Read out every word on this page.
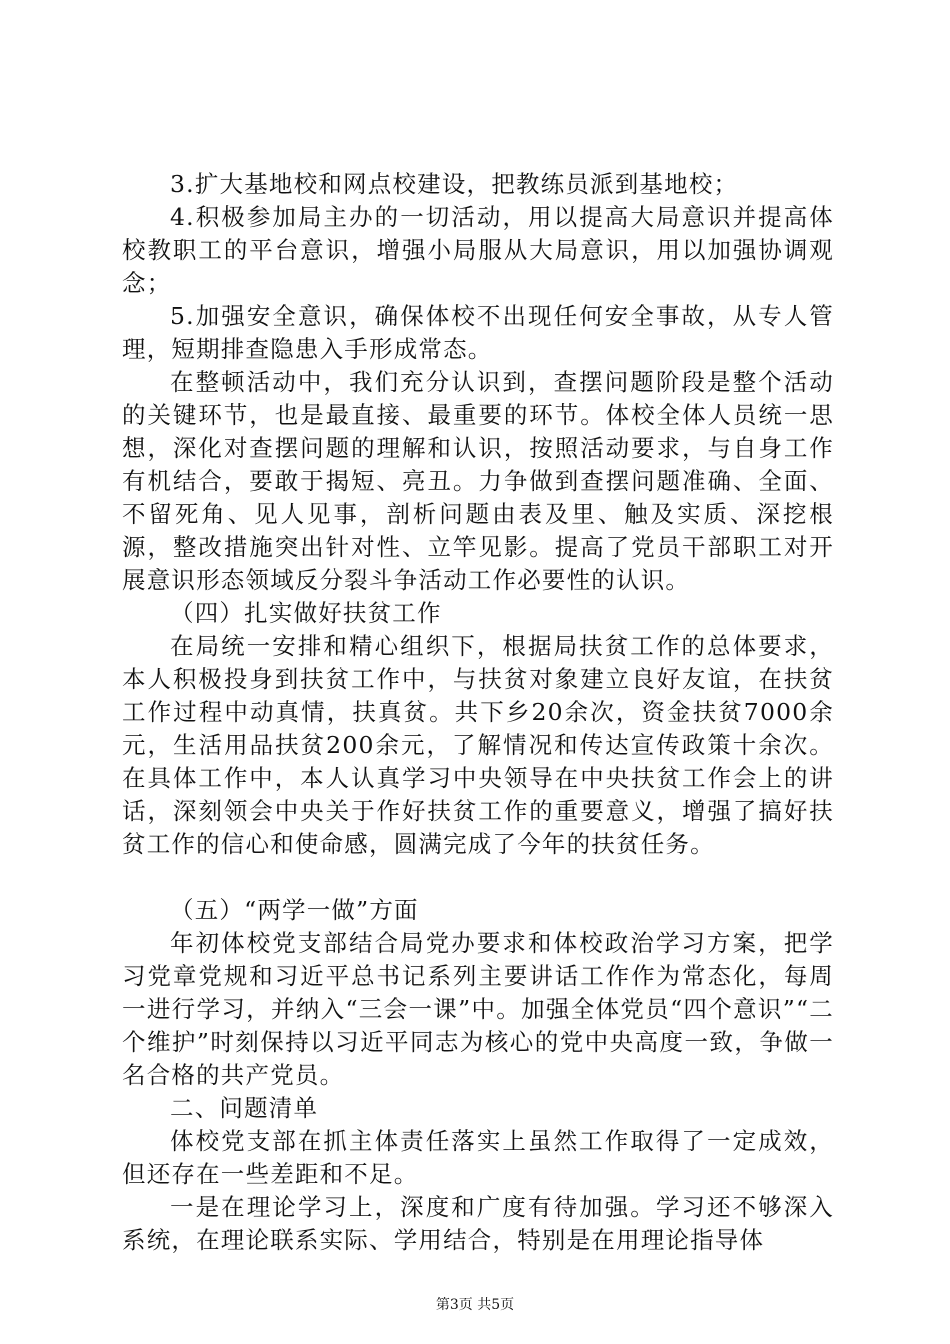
3.扩大基地校和网点校建设，把教练员派到基地校；

4.积极参加局主办的一切活动，用以提高大局意识并提高体校教职工的平台意识，增强小局服从大局意识，用以加强协调观念；

5.加强安全意识，确保体校不出现任何安全事故，从专人管理，短期排查隐患入手形成常态。

在整顿活动中，我们充分认识到，查摆问题阶段是整个活动的关键环节，也是最直接、最重要的环节。体校全体人员统一思想，深化对查摆问题的理解和认识，按照活动要求，与自身工作有机结合，要敢于揭短、亮丑。力争做到查摆问题准确、全面、不留死角、见人见事，剖析问题由表及里、触及实质、深挖根源，整改措施突出针对性、立竿见影。提高了党员干部职工对开展意识形态领域反分裂斗争活动工作必要性的认识。

（四）扎实做好扶贫工作

在局统一安排和精心组织下，根据局扶贫工作的总体要求，本人积极投身到扶贫工作中，与扶贫对象建立良好友谊，在扶贫工作过程中动真情，扶真贫。共下乡20余次，资金扶贫7000余元，生活用品扶贫200余元，了解情况和传达宣传政策十余次。在具体工作中，本人认真学习中央领导在中央扶贫工作会上的讲话，深刻领会中央关于作好扶贫工作的重要意义，增强了搞好扶贫工作的信心和使命感，圆满完成了今年的扶贫任务。

（五）“两学一做”方面

年初体校党支部结合局党办要求和体校政治学习方案，把学习党章党规和习近平总书记系列主要讲话工作作为常态化，每周一进行学习，并纳入“三会一课”中。加强全体党员“四个意识”“二个维护”时刻保持以习近平同志为核心的党中央高度一致，争做一名合格的共产党员。

二、问题清单

体校党支部在抓主体责任落实上虽然工作取得了一定成效，但还存在一些差距和不足。

一是在理论学习上，深度和广度有待加强。学习还不够深入系统，在理论联系实际、学用结合，特别是在用理论指导体

第3页 共5页
